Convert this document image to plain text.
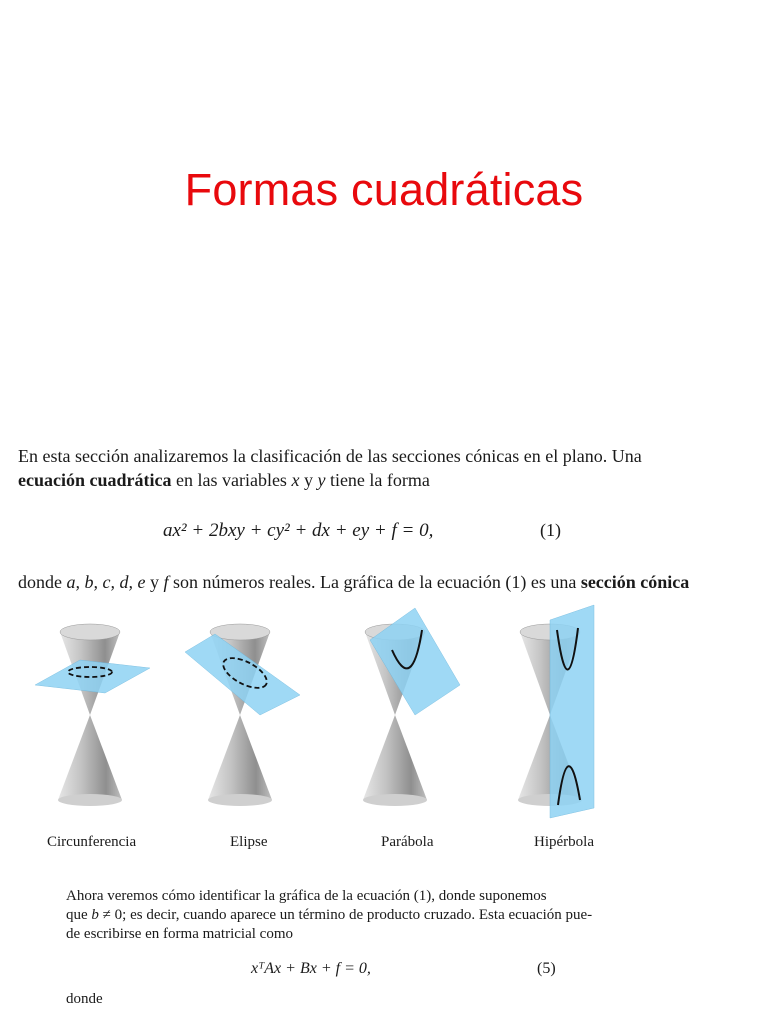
Formas cuadráticas
En esta sección analizaremos la clasificación de las secciones cónicas en el plano. Una
ecuación cuadrática en las variables x y y tiene la forma
ax² + 2bxy + cy² + dx + ey + f = 0,	(1)
donde a, b, c, d, e y f son números reales. La gráfica de la ecuación (1) es una sección cónica
Circunferencia	Elipse	Parábola	Hipérbola
Ahora veremos cómo identificar la gráfica de la ecuación (1), donde suponemos
que b ≠ 0; es decir, cuando aparece un término de producto cruzado. Esta ecuación pue-
de escribirse en forma matricial como
xᵀAx + Bx + f = 0,	(5)
donde
